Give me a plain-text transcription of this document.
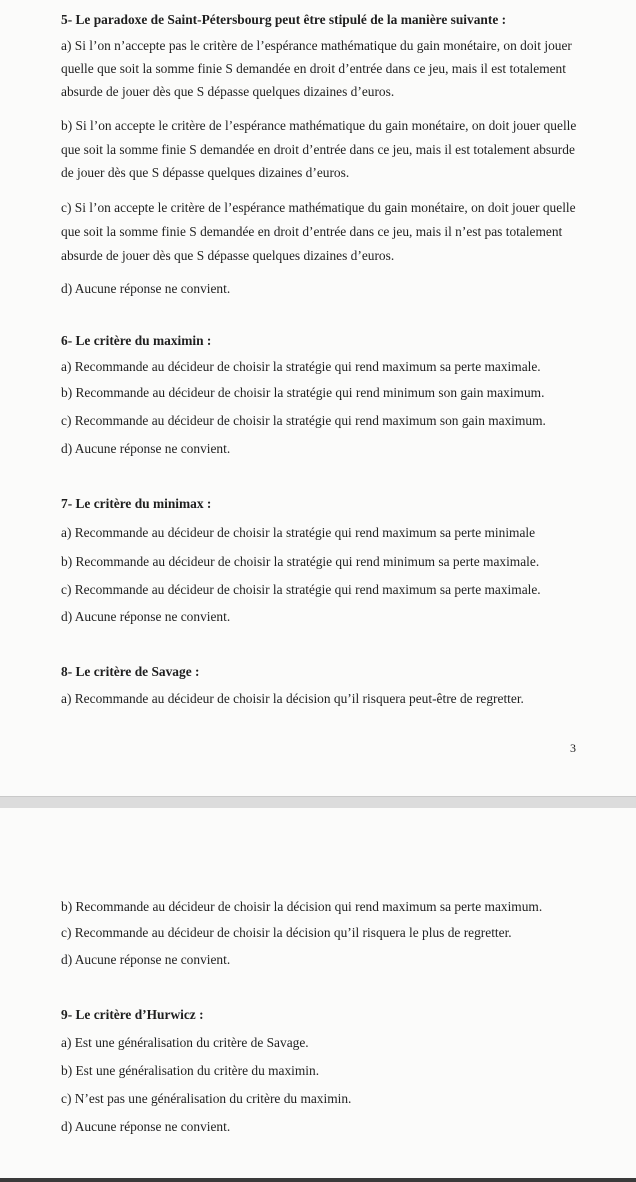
5- Le paradoxe de Saint-Pétersbourg peut être stipulé de la manière suivante :
a) Si l’on n’accepte pas le critère de l’espérance mathématique du gain monétaire, on doit jouer
quelle que soit la somme finie S demandée en droit d’entrée dans ce jeu, mais il est totalement
absurde de jouer dès que S dépasse quelques dizaines d’euros.
b) Si l’on accepte le critère de l’espérance mathématique du gain monétaire, on doit jouer quelle
que soit la somme finie S demandée en droit d’entrée dans ce jeu, mais il est totalement absurde
de jouer dès que S dépasse quelques dizaines d’euros.
c) Si l’on accepte le critère de l’espérance mathématique du gain monétaire, on doit jouer quelle
que soit la somme finie S demandée en droit d’entrée dans ce jeu, mais il n’est pas totalement
absurde de jouer dès que S dépasse quelques dizaines d’euros.
d) Aucune réponse ne convient.
6- Le critère du maximin :
a) Recommande au décideur de choisir la stratégie qui rend maximum sa perte maximale.
b) Recommande au décideur de choisir la stratégie qui rend minimum son gain maximum.
c) Recommande au décideur de choisir la stratégie qui rend maximum son gain maximum.
d) Aucune réponse ne convient.
7- Le critère du minimax :
a) Recommande au décideur de choisir la stratégie qui rend maximum sa perte minimale
b) Recommande au décideur de choisir la stratégie qui rend minimum sa perte maximale.
c) Recommande au décideur de choisir la stratégie qui rend maximum sa perte maximale.
d) Aucune réponse ne convient.
8- Le critère de Savage :
a) Recommande au décideur de choisir la décision qu’il risquera peut-être de regretter.
3
b) Recommande au décideur de choisir la décision qui rend maximum sa perte maximum.
c) Recommande au décideur de choisir la décision qu’il risquera le plus de regretter.
d) Aucune réponse ne convient.
9- Le critère d’Hurwicz :
a) Est une généralisation du critère de Savage.
b) Est une généralisation du critère du maximin.
c) N’est pas une généralisation du critère du maximin.
d) Aucune réponse ne convient.
